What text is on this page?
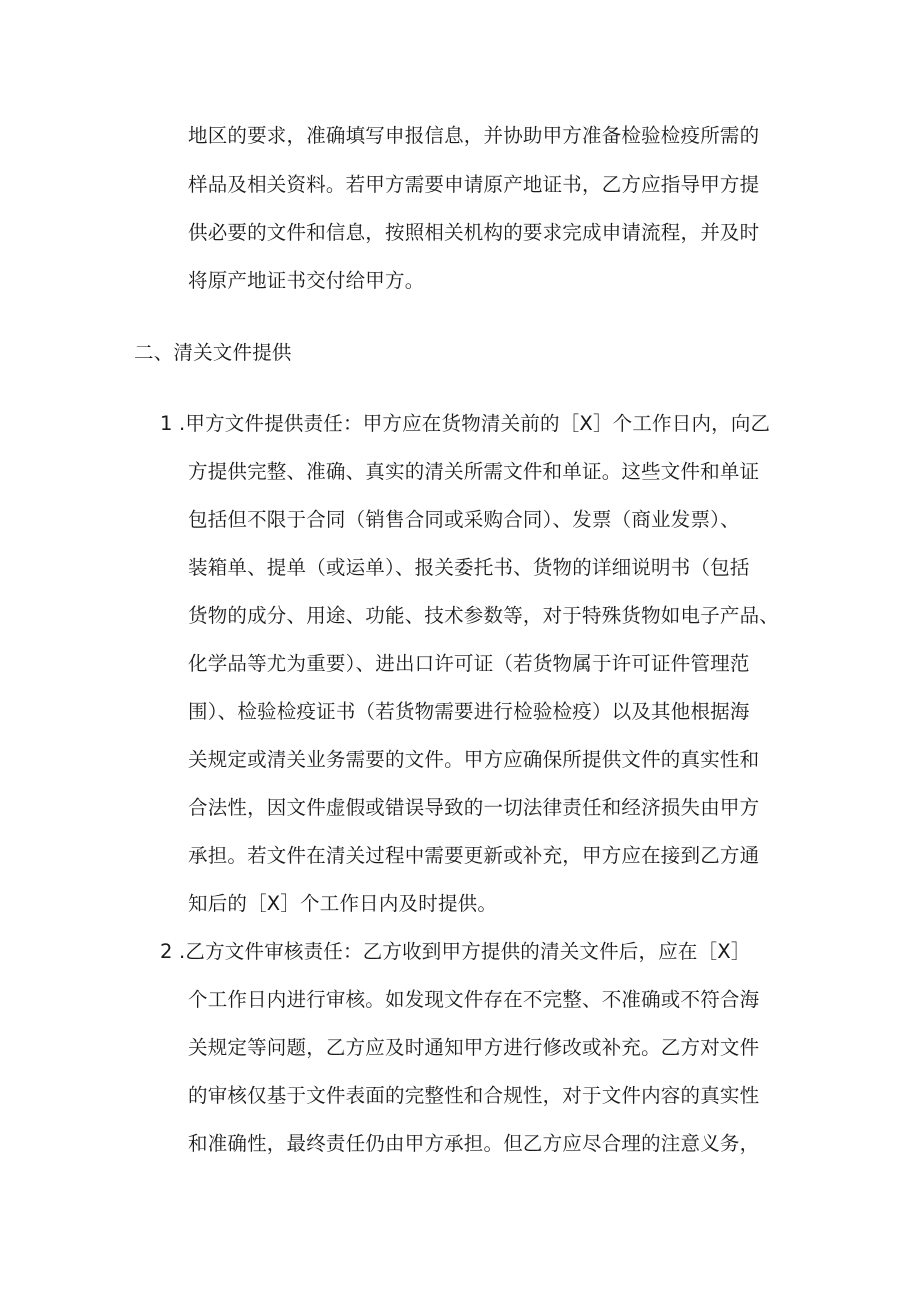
地区的要求，准确填写申报信息，并协助甲方准备检验检疫所需的
样品及相关资料。若甲方需要申请原产地证书，乙方应指导甲方提
供必要的文件和信息，按照相关机构的要求完成申请流程，并及时
将原产地证书交付给甲方。
二、清关文件提供
1 .甲方文件提供责任：甲方应在货物清关前的［X］个工作日内，向乙
方提供完整、准确、真实的清关所需文件和单证。这些文件和单证
包括但不限于合同（销售合同或采购合同）、发票（商业发票）、
装箱单、提单（或运单）、报关委托书、货物的详细说明书（包括
货物的成分、用途、功能、技术参数等，对于特殊货物如电子产品、
化学品等尤为重要）、进出口许可证（若货物属于许可证件管理范
围）、检验检疫证书（若货物需要进行检验检疫）以及其他根据海
关规定或清关业务需要的文件。甲方应确保所提供文件的真实性和
合法性，因文件虚假或错误导致的一切法律责任和经济损失由甲方
承担。若文件在清关过程中需要更新或补充，甲方应在接到乙方通
知后的［X］个工作日内及时提供。
2 .乙方文件审核责任：乙方收到甲方提供的清关文件后，应在［X］
个工作日内进行审核。如发现文件存在不完整、不准确或不符合海
关规定等问题，乙方应及时通知甲方进行修改或补充。乙方对文件
的审核仅基于文件表面的完整性和合规性，对于文件内容的真实性
和准确性，最终责任仍由甲方承担。但乙方应尽合理的注意义务，
